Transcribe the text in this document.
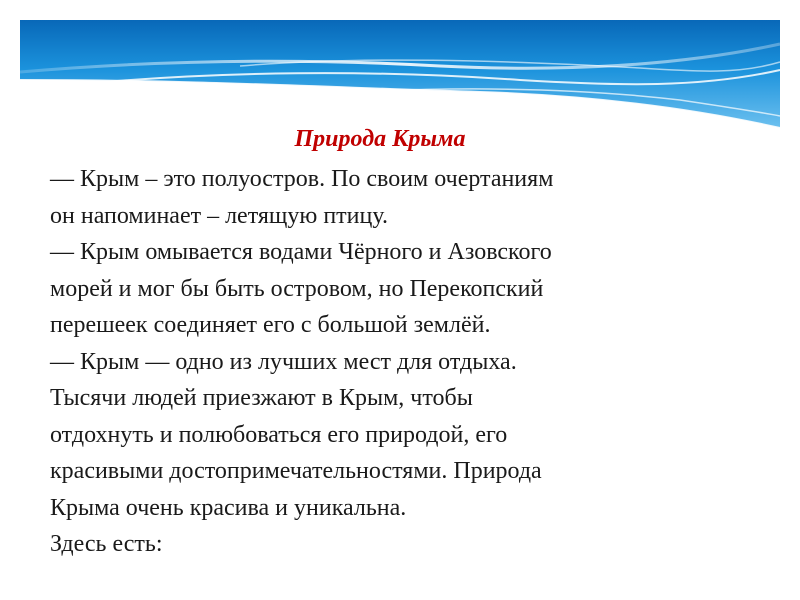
Природа Крыма

— Крым – это полуостров. По своим очертаниям
он напоминает – летящую птицу.
— Крым омывается водами Чёрного и Азовского
морей и мог бы быть островом, но Перекопский
перешеек соединяет его с большой землёй.
— Крым — одно из лучших мест для отдыха.
Тысячи людей приезжают в Крым, чтобы
отдохнуть и полюбоваться его природой, его
красивыми достопримечательностями. Природа
Крыма очень красива и уникальна.
Здесь есть:
